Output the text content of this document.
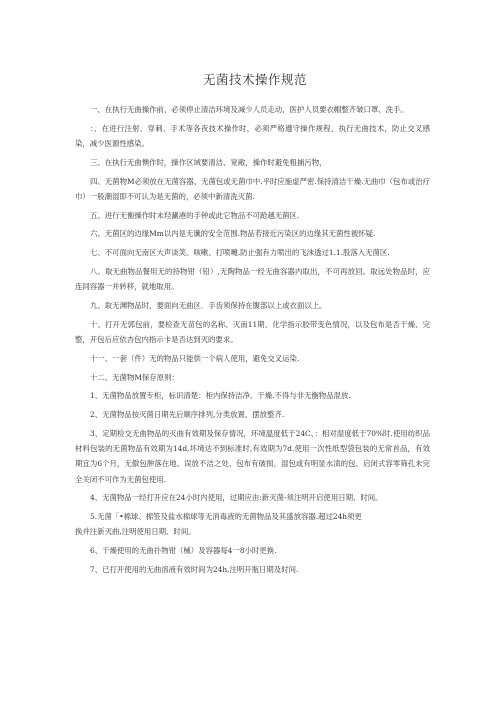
无菌技术操作规范

一、在执行无曲操作前，必须停止清洁环境及减少人员走动，医护人员要衣帽整齐皱口罩、洗手。

：、在进行注射、穿刺、手术等各夜技术操作时，必须严格遵守操作规程、执行无曲技术，防止交叉感染，减少医源性感染。

三、在执行无曲懊作时，操作区域要清洁、宽敞，操作时避免粗捕污物，

四、无菌物M必须放在无菌容器、无菌包或无菌巾中.平时应施虚严密.保持清洁干燥.无曲巾（包布或治疗巾）一般潮湿即不可认为是无菌的，必须中新清洗灭菌.

五、进行无衡操作时未羟涮港的手钟或此它物品不可跄越无菌区.

六、无菌区的边缘Mm以内是无谶的安全范围.物品若接近污染区的边缘其无菌性被怀疑.

七、不可面向无南区大声谈笑、咳嗽、打喷嚏.防止强有力喷出的飞沫透过1.1.股落入无菌区.

八、取无曲物品餐用无的持物钳（铅）,无陶物品一经无曲容器内取出，不可再放回。取远处物品时，应连同容器一并转移，就地取用。

九、取无渊物品时，要面向无曲区．手齿须保持在腹部以上或衣面以上。

十、打开无郭包前，要检查无苗包的名称、灭南11期、化学指示胶带变色情况，以及包布是否干燥、完整，开包后应依杏包内指示卡是否达到灭的要求。

十一、一套（件）无的物品只能供一个病人使用，避免交叉运染.

十二、无菌物M保存原则：

1、无菌物品放置专柜，标识清楚：柜内保持洁净、干燥.不得与非无衡物品混放.

2、无菌物品按灭菌日期先后顺序排列,分类放置、摆放整齐.

3、定期检交无曲物品的灭曲有效期及保存情况，环境温度低于24C、：相对湿度低于70%时.使用纺织品材料包装的无菌物品有效期为14d,坏境达不到标准时,有效期为7d.使用一次性纸型袋包装的无常首品，有效期宜为6个月，无傲包肿落在地、误放不洁之处、包布有破损、湿包或有明显水渍的包、启闭式容零筛孔未完全关闭不可作为无菌包使用.

4、无菌物品一经打开应在24小时内使用，过期应由:新灭菌-须注明开启使用日期、时间。

5.无菌「•棉球、棉签及盐水棉球等无消毒液的无菌物品及其盛放容器.超过24h须更

换并注新灭曲,注明使用日期、时间。

6、干燥使用的无曲扑物钳（械）及容器每4一8小时更换.

7、已打开使用的无曲溶液有效时间为24h,注明开瓶日期及时间.
